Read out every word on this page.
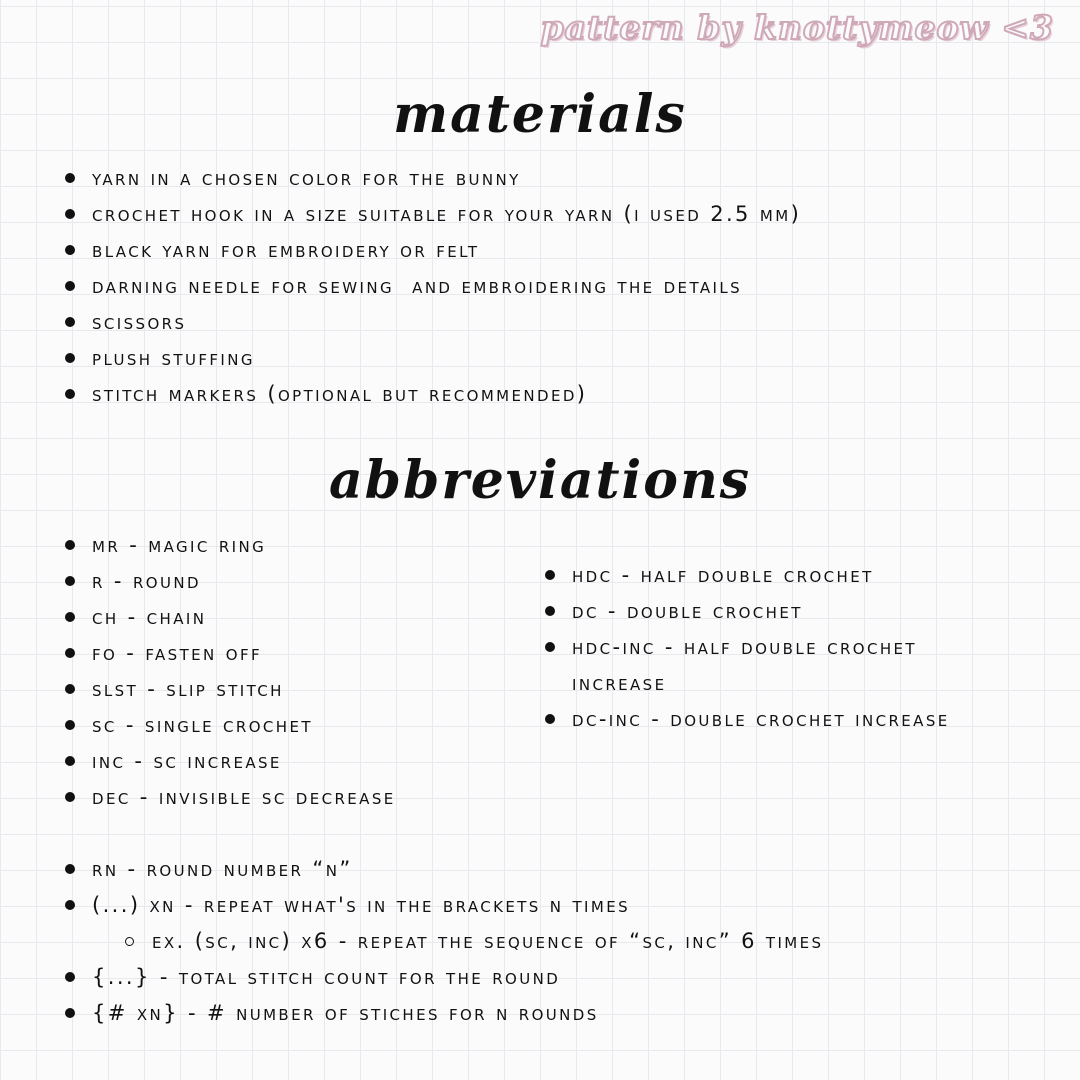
pattern by knottymeow <3
materials
yarn in a chosen color for the bunny
crochet hook in a size suitable for your yarn (i used 2.5 mm)
black yarn for embroidery or felt
darning needle for sewing  and embroidering the details
scissors
plush stuffing
stitch markers (optional but recommended)
abbreviations
mr - magic ring
r - round
ch - chain
fo - fasten off
slst - slip stitch
sc - single crochet
inc - sc increase
dec - invisible sc decrease
hdc - half double crochet
dc - double crochet
hdc-inc - half double crochet increase
dc-inc - double crochet increase
rn - round number “n”
(...) xn - repeat what's in the brackets n times
ex. (sc, inc) x6 - repeat the sequence of “sc, inc” 6 times
{...} - total stitch count for the round
{# xn} - # number of stiches for n rounds
